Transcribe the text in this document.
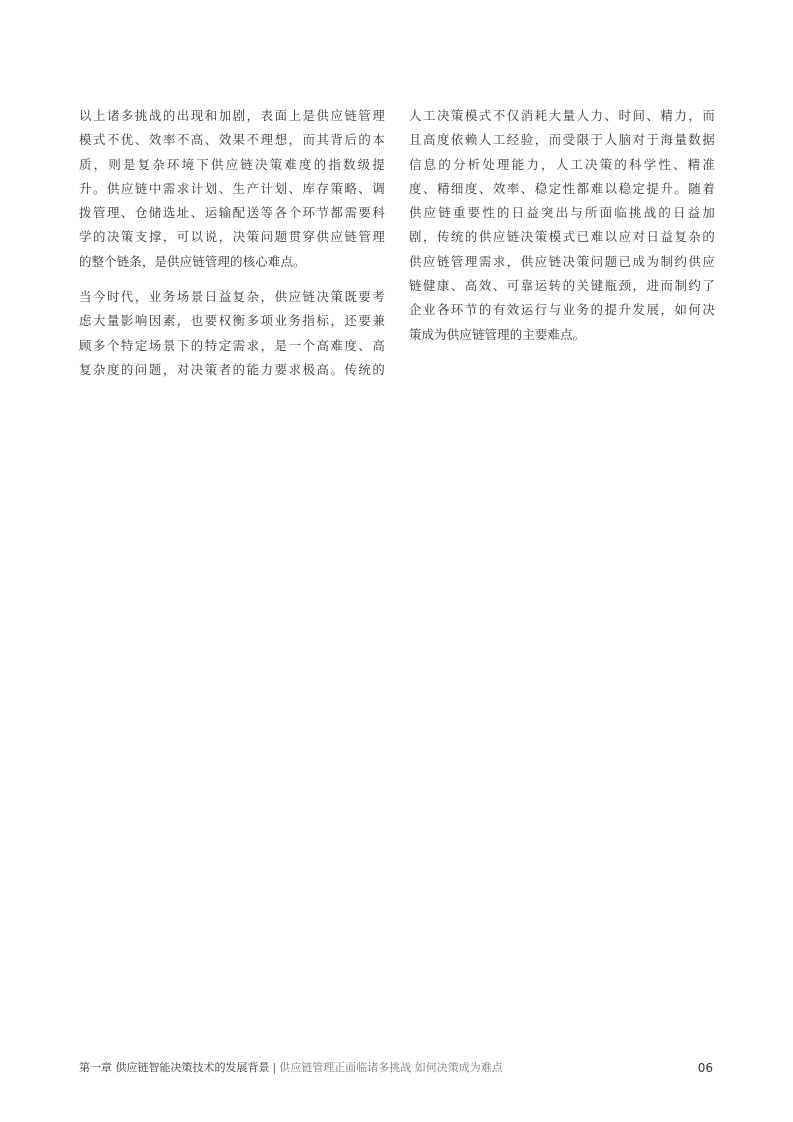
以上诸多挑战的出现和加剧，表面上是供应链管理
模式不优、效率不高、效果不理想，而其背后的本
质，则是复杂环境下供应链决策难度的指数级提
升。供应链中需求计划、生产计划、库存策略、调
拨管理、仓储选址、运输配送等各个环节都需要科
学的决策支撑，可以说，决策问题贯穿供应链管理
的整个链条，是供应链管理的核心难点。

当今时代，业务场景日益复杂，供应链决策既要考
虑大量影响因素，也要权衡多项业务指标，还要兼
顾多个特定场景下的特定需求，是一个高难度、高
复杂度的问题，对决策者的能力要求极高。传统的

人工决策模式不仅消耗大量人力、时间、精力，而
且高度依赖人工经验，而受限于人脑对于海量数据
信息的分析处理能力，人工决策的科学性、精准
度、精细度、效率、稳定性都难以稳定提升。随着
供应链重要性的日益突出与所面临挑战的日益加
剧，传统的供应链决策模式已难以应对日益复杂的
供应链管理需求，供应链决策问题已成为制约供应
链健康、高效、可靠运转的关键瓶颈，进而制约了
企业各环节的有效运行与业务的提升发展，如何决
策成为供应链管理的主要难点。

第一章 供应链智能决策技术的发展背景 | 供应链管理正面临诸多挑战 如何决策成为难点	06
